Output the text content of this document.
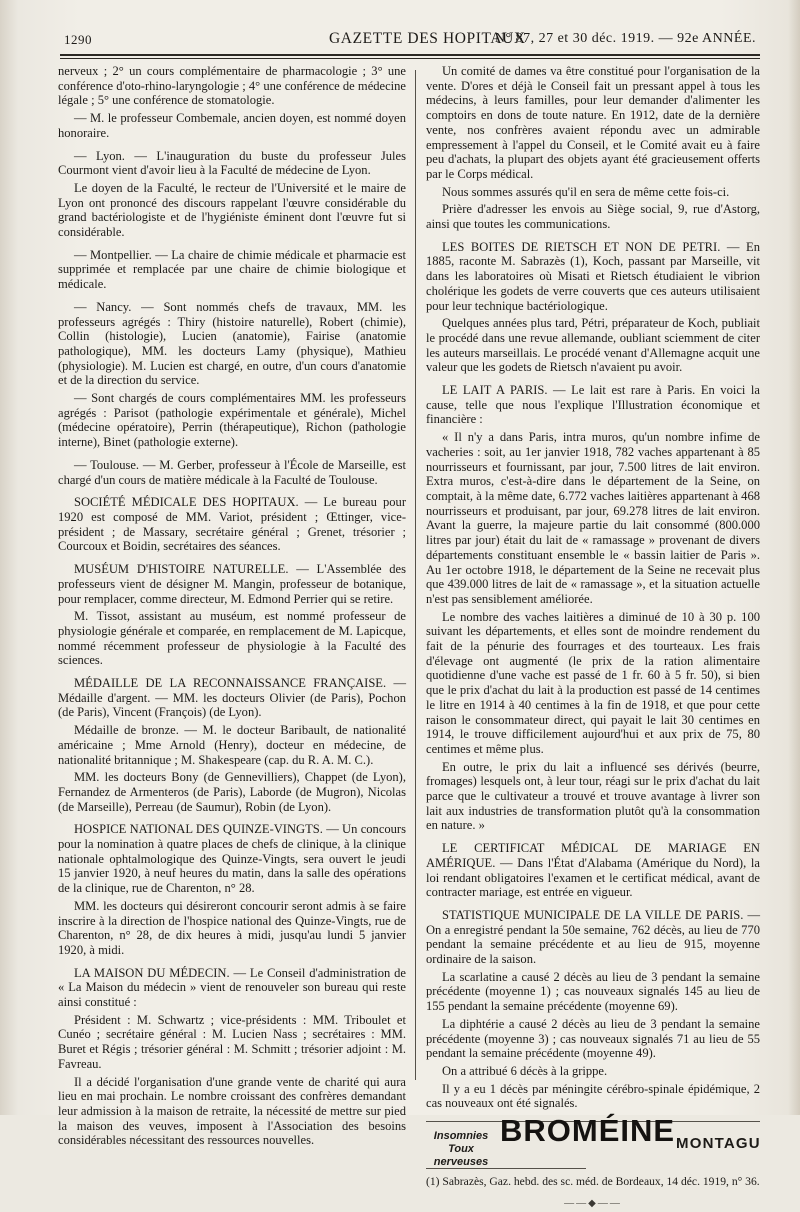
1290	GAZETTE DES HOPITAUX
N° 87, 27 et 30 déc. 1919. — 92e ANNÉE.

nerveux ; 2° un cours complémentaire de pharmacologie ; 3° une conférence d'oto-rhino-laryngologie ; 4° une conférence de médecine légale ; 5° une conférence de stomatologie.

— M. le professeur Combemale, ancien doyen, est nommé doyen honoraire.

— Lyon. — L'inauguration du buste du professeur Jules Courmont vient d'avoir lieu à la Faculté de médecine de Lyon.

Le doyen de la Faculté, le recteur de l'Université et le maire de Lyon ont prononcé des discours rappelant l'œuvre considérable du grand bactériologiste et de l'hygiéniste éminent dont l'œuvre fut si considérable.

— Montpellier. — La chaire de chimie médicale et pharmacie est supprimée et remplacée par une chaire de chimie biologique et médicale.

— Nancy. — Sont nommés chefs de travaux, MM. les professeurs agrégés : Thiry (histoire naturelle), Robert (chimie), Collin (histologie), Lucien (anatomie), Fairise (anatomie pathologique), MM. les docteurs Lamy (physique), Mathieu (physiologie). M. Lucien est chargé, en outre, d'un cours d'anatomie et de la direction du service.

— Sont chargés de cours complémentaires MM. les professeurs agrégés : Parisot (pathologie expérimentale et générale), Michel (médecine opératoire), Perrin (thérapeutique), Richon (pathologie interne), Binet (pathologie externe).

— Toulouse. — M. Gerber, professeur à l'École de Marseille, est chargé d'un cours de matière médicale à la Faculté de Toulouse.

SOCIÉTÉ MÉDICALE DES HOPITAUX. — Le bureau pour 1920 est composé de MM. Variot, président ; Œttinger, vice-président ; de Massary, secrétaire général ; Grenet, trésorier ; Courcoux et Boidin, secrétaires des séances.

MUSÉUM D'HISTOIRE NATURELLE. — L'Assemblée des professeurs vient de désigner M. Mangin, professeur de botanique, pour remplacer, comme directeur, M. Edmond Perrier qui se retire.

M. Tissot, assistant au muséum, est nommé professeur de physiologie générale et comparée, en remplacement de M. Lapicque, nommé récemment professeur de physiologie à la Faculté des sciences.

MÉDAILLE DE LA RECONNAISSANCE FRANÇAISE. — Médaille d'argent. — MM. les docteurs Olivier (de Paris), Pochon (de Paris), Vincent (François) (de Lyon).

Médaille de bronze. — M. le docteur Baribault, de nationalité américaine ; Mme Arnold (Henry), docteur en médecine, de nationalité britannique ; M. Shakespeare (cap. du R. A. M. C.).

MM. les docteurs Bony (de Gennevilliers), Chappet (de Lyon), Fernandez de Armenteros (de Paris), Laborde (de Mugron), Nicolas (de Marseille), Perreau (de Saumur), Robin (de Lyon).

HOSPICE NATIONAL DES QUINZE-VINGTS. — Un concours pour la nomination à quatre places de chefs de clinique, à la clinique nationale ophtalmologique des Quinze-Vingts, sera ouvert le jeudi 15 janvier 1920, à neuf heures du matin, dans la salle des opérations de la clinique, rue de Charenton, n° 28.

MM. les docteurs qui désireront concourir seront admis à se faire inscrire à la direction de l'hospice national des Quinze-Vingts, rue de Charenton, n° 28, de dix heures à midi, jusqu'au lundi 5 janvier 1920, à midi.

LA MAISON DU MÉDECIN. — Le Conseil d'administration de « La Maison du médecin » vient de renouveler son bureau qui reste ainsi constitué :

Président : M. Schwartz ; vice-présidents : MM. Triboulet et Cunéo ; secrétaire général : M. Lucien Nass ; secrétaires : MM. Buret et Régis ; trésorier général : M. Schmitt ; trésorier adjoint : M. Favreau.

Il a décidé l'organisation d'une grande vente de charité qui aura lieu en mai prochain. Le nombre croissant des confrères demandant leur admission à la maison de retraite, la nécessité de mettre sur pied la maison des veuves, imposent à l'Association des besoins considérables nécessitant des ressources nouvelles.

Un comité de dames va être constitué pour l'organisation de la vente. D'ores et déjà le Conseil fait un pressant appel à tous les médecins, à leurs familles, pour leur demander d'alimenter les comptoirs en dons de toute nature. En 1912, date de la dernière vente, nos confrères avaient répondu avec un admirable empressement à l'appel du Conseil, et le Comité avait eu à faire peu d'achats, la plupart des objets ayant été gracieusement offerts par le Corps médical.

Nous sommes assurés qu'il en sera de même cette fois-ci.

Prière d'adresser les envois au Siège social, 9, rue d'Astorg, ainsi que toutes les communications.

LES BOITES DE RIETSCH ET NON DE PETRI. — En 1885, raconte M. Sabrazès (1), Koch, passant par Marseille, vit dans les laboratoires où Misati et Rietsch étudiaient le vibrion cholérique les godets de verre couverts que ces auteurs utilisaient pour leur technique bactériologique.

Quelques années plus tard, Pétri, préparateur de Koch, publiait le procédé dans une revue allemande, oubliant sciemment de citer les auteurs marseillais. Le procédé venant d'Allemagne acquit une valeur que les godets de Rietsch n'avaient pu avoir.

LE LAIT A PARIS. — Le lait est rare à Paris. En voici la cause, telle que nous l'explique l'Illustration économique et financière :

« Il n'y a dans Paris, intra muros, qu'un nombre infime de vacheries : soit, au 1er janvier 1918, 782 vaches appartenant à 85 nourrisseurs et fournissant, par jour, 7.500 litres de lait environ. Extra muros, c'est-à-dire dans le département de la Seine, on comptait, à la même date, 6.772 vaches laitières appartenant à 468 nourrisseurs et produisant, par jour, 69.278 litres de lait environ. Avant la guerre, la majeure partie du lait consommé (800.000 litres par jour) était du lait de « ramassage » provenant de divers départements constituant ensemble le « bassin laitier de Paris ». Au 1er octobre 1918, le département de la Seine ne recevait plus que 439.000 litres de lait de « ramassage », et la situation actuelle n'est pas sensiblement améliorée.

Le nombre des vaches laitières a diminué de 10 à 30 p. 100 suivant les départements, et elles sont de moindre rendement du fait de la pénurie des fourrages et des tourteaux. Les frais d'élevage ont augmenté (le prix de la ration alimentaire quotidienne d'une vache est passé de 1 fr. 60 à 5 fr. 50), si bien que le prix d'achat du lait à la production est passé de 14 centimes le litre en 1914 à 40 centimes à la fin de 1918, et que pour cette raison le consommateur direct, qui payait le lait 30 centimes en 1914, le trouve difficilement aujourd'hui et aux prix de 75, 80 centimes et même plus.

En outre, le prix du lait a influencé ses dérivés (beurre, fromages) lesquels ont, à leur tour, réagi sur le prix d'achat du lait parce que le cultivateur a trouvé et trouve avantage à livrer son lait aux industries de transformation plutôt qu'à la consommation en nature. »

LE CERTIFICAT MÉDICAL DE MARIAGE EN AMÉRIQUE. — Dans l'État d'Alabama (Amérique du Nord), la loi rendant obligatoires l'examen et le certificat médical, avant de contracter mariage, est entrée en vigueur.

STATISTIQUE MUNICIPALE DE LA VILLE DE PARIS. — On a enregistré pendant la 50e semaine, 762 décès, au lieu de 770 pendant la semaine précédente et au lieu de 915, moyenne ordinaire de la saison.

La scarlatine a causé 2 décès au lieu de 3 pendant la semaine précédente (moyenne 1) ; cas nouveaux signalés 145 au lieu de 155 pendant la semaine précédente (moyenne 69).

La diphtérie a causé 2 décès au lieu de 3 pendant la semaine précédente (moyenne 3) ; cas nouveaux signalés 71 au lieu de 55 pendant la semaine précédente (moyenne 49).

On a attribué 6 décès à la grippe.

Il y a eu 1 décès par méningite cérébro-spinale épidémique, 2 cas nouveaux ont été signalés.

Insomnies
Toux nerveuses
BROMÉINE MONTAGU

(1) Sabrazès, Gaz. hebd. des sc. méd. de Bordeaux, 14 déc. 1919, n° 36.

——◆——
